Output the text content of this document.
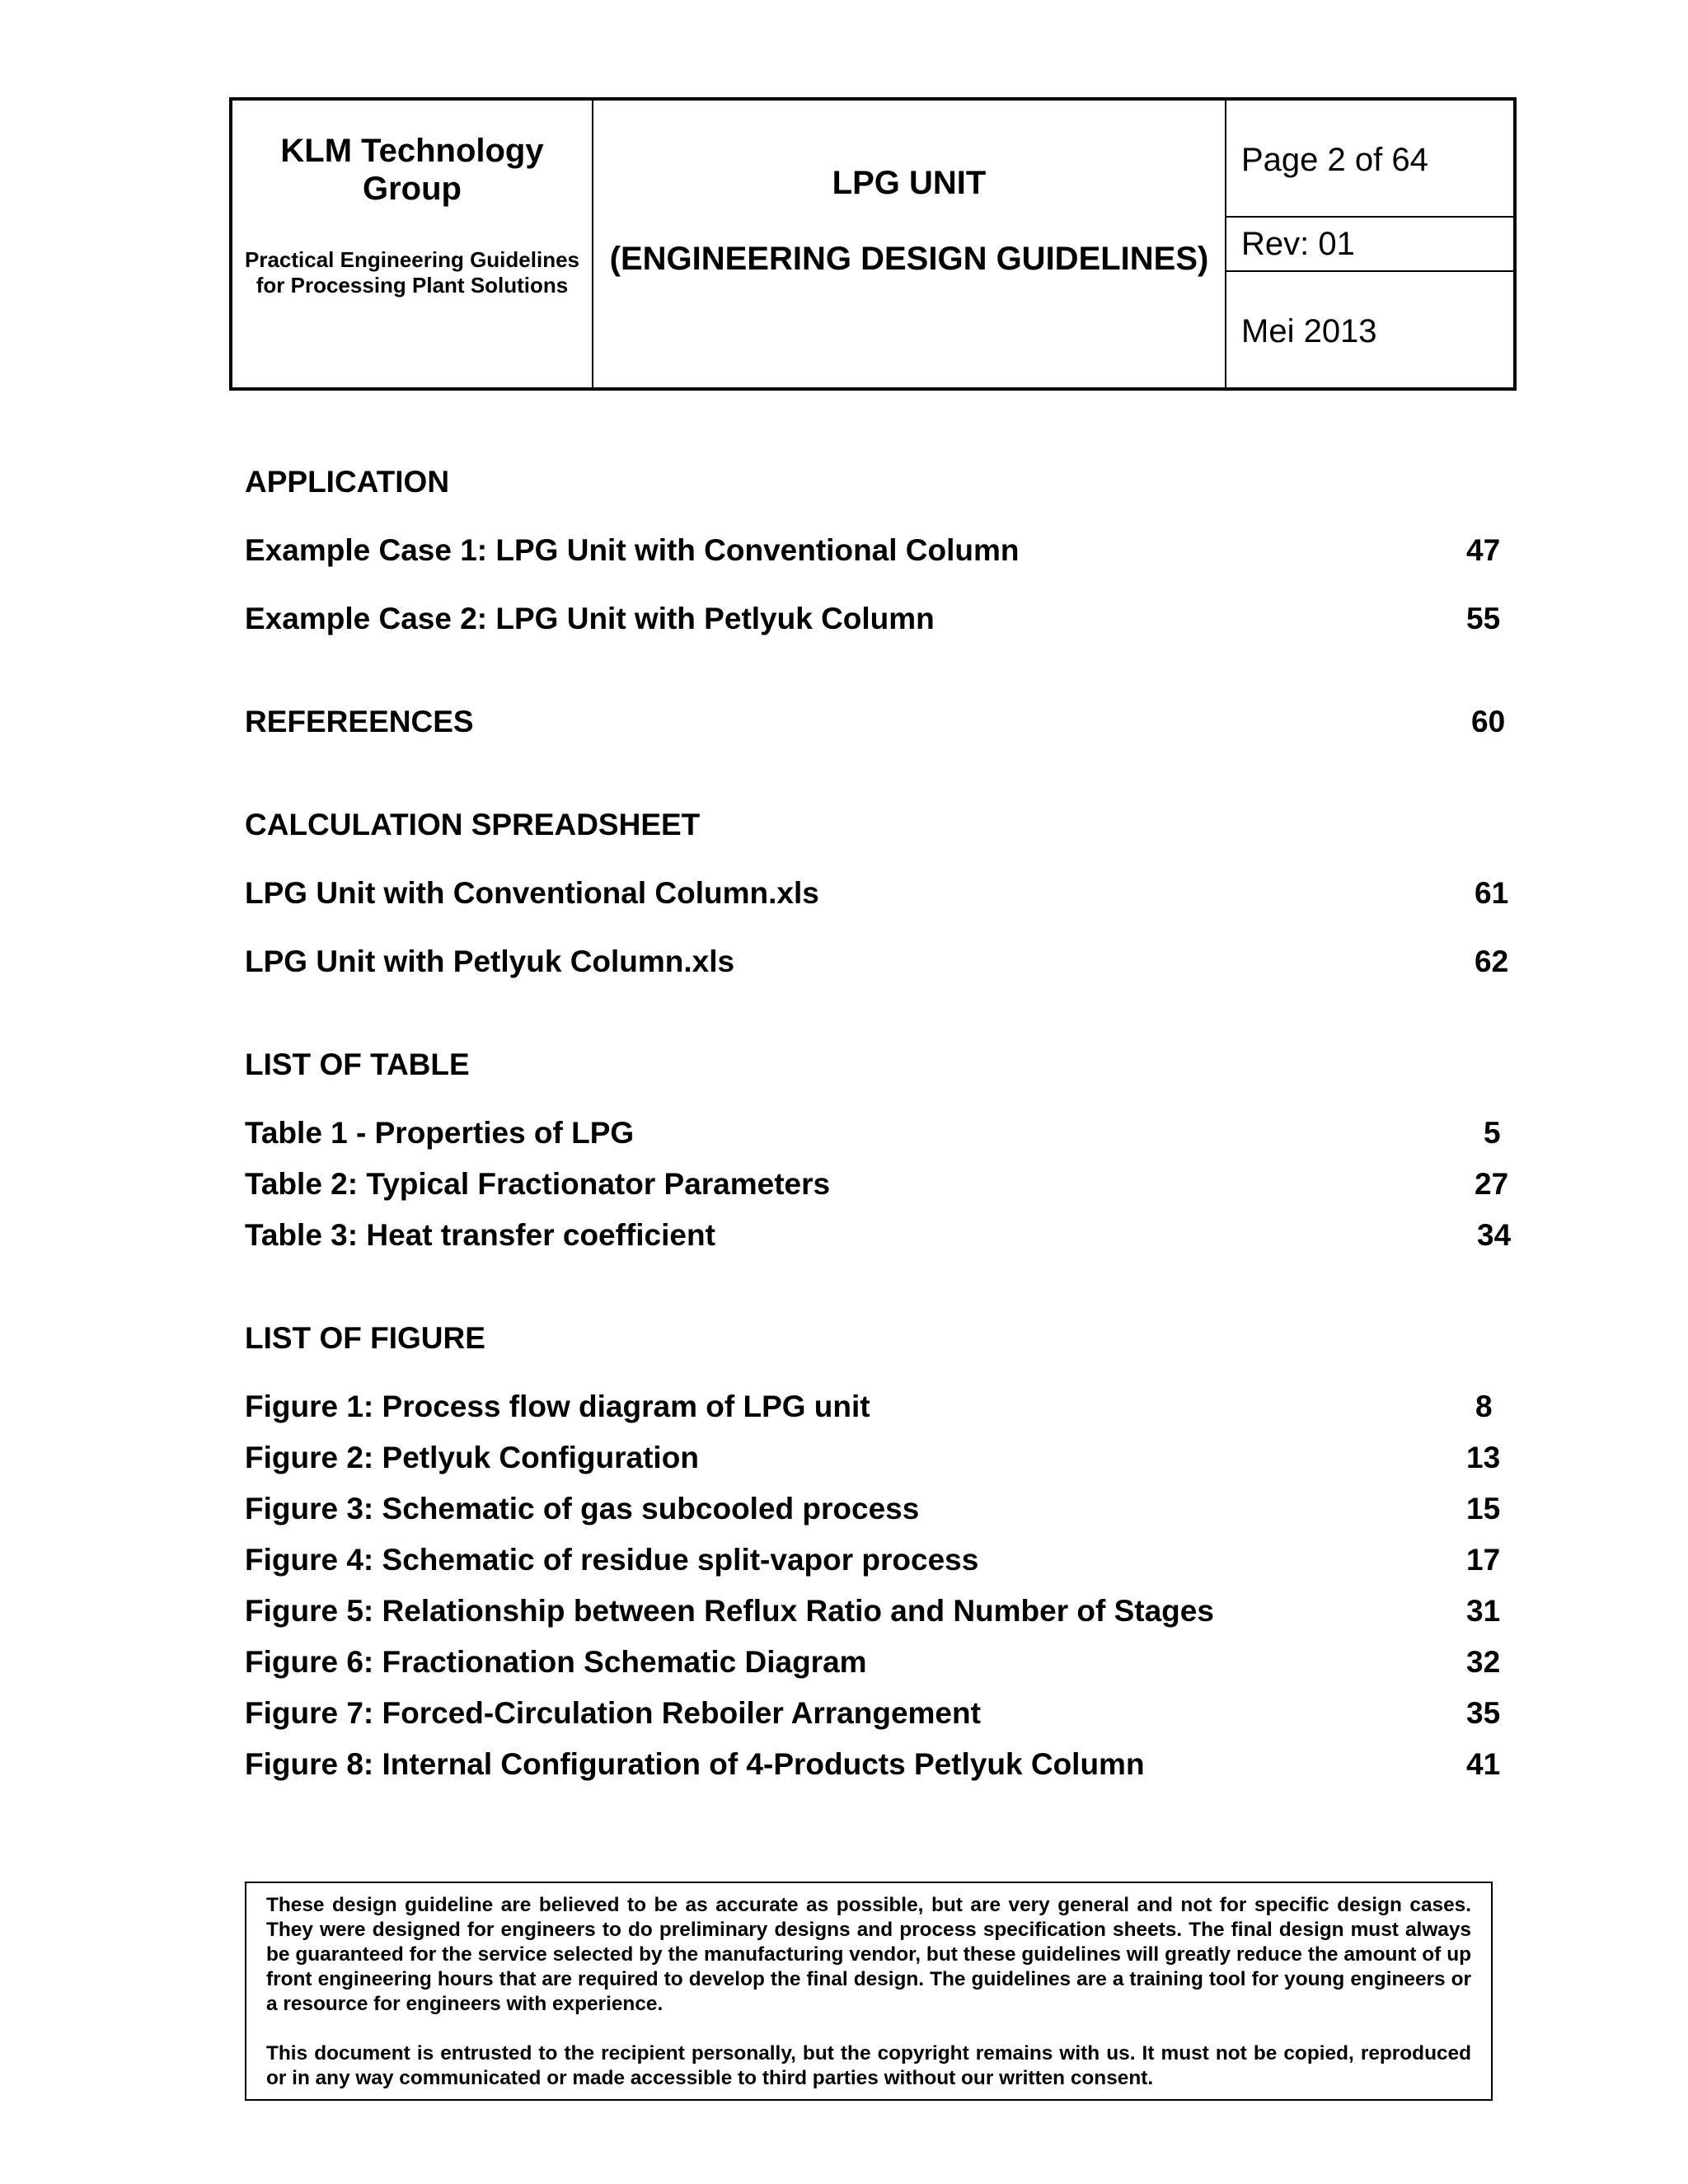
KLM Technology Group
Practical Engineering Guidelines for Processing Plant Solutions
LPG UNIT
(ENGINEERING DESIGN GUIDELINES)
Page 2 of 64
Rev: 01
Mei 2013
APPLICATION
Example Case 1: LPG Unit with Conventional Column	47
Example Case 2: LPG Unit with Petlyuk Column	55
REFEREENCES	60
CALCULATION SPREADSHEET
LPG Unit with Conventional Column.xls	61
LPG Unit with Petlyuk Column.xls	62
LIST OF TABLE
Table 1 - Properties of LPG	5
Table 2: Typical Fractionator Parameters	27
Table 3: Heat transfer coefficient	34
LIST OF FIGURE
Figure 1: Process flow diagram of LPG unit	8
Figure 2: Petlyuk Configuration	13
Figure 3: Schematic of gas subcooled process	15
Figure 4: Schematic of residue split-vapor process	17
Figure 5: Relationship between Reflux Ratio and Number of Stages	31
Figure 6: Fractionation Schematic Diagram	32
Figure 7: Forced-Circulation Reboiler Arrangement	35
Figure 8: Internal Configuration of 4-Products Petlyuk Column	41

These design guideline are believed to be as accurate as possible, but are very general and not for specific design cases. They were designed for engineers to do preliminary designs and process specification sheets. The final design must always be guaranteed for the service selected by the manufacturing vendor, but these guidelines will greatly reduce the amount of up front engineering hours that are required to develop the final design. The guidelines are a training tool for young engineers or a resource for engineers with experience.

This document is entrusted to the recipient personally, but the copyright remains with us. It must not be copied, reproduced or in any way communicated or made accessible to third parties without our written consent.
